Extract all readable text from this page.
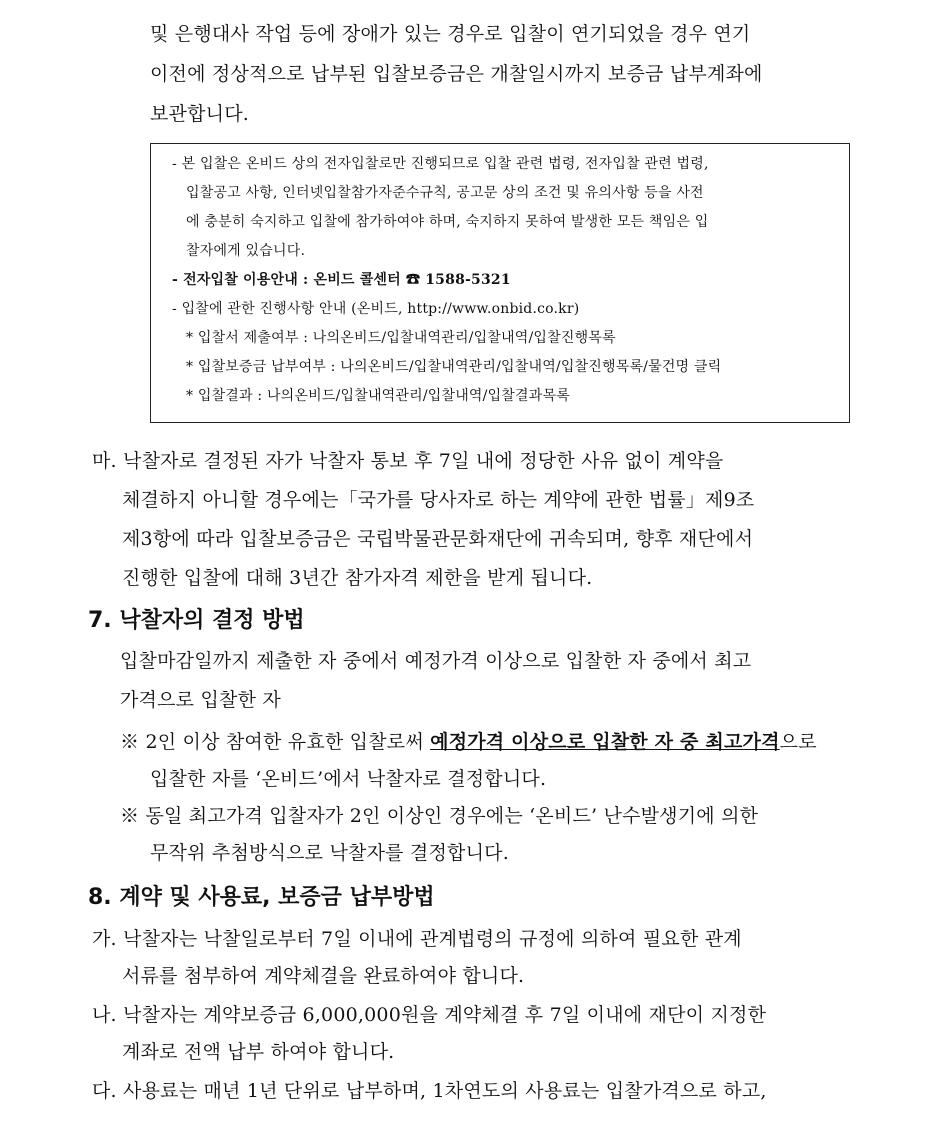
및 은행대사 작업 등에 장애가 있는 경우로 입찰이 연기되었을 경우 연기
이전에 정상적으로 납부된 입찰보증금은 개찰일시까지 보증금 납부계좌에
보관합니다.
- 본 입찰은 온비드 상의 전자입찰로만 진행되므로 입찰 관련 법령, 전자입찰 관련 법령,
입찰공고 사항, 인터넷입찰참가자준수규칙, 공고문 상의 조건 및 유의사항 등을 사전
에 충분히 숙지하고 입찰에 참가하여야 하며, 숙지하지 못하여 발생한 모든 책임은 입
찰자에게 있습니다.
- 전자입찰 이용안내 : 온비드 콜센터 ☎ 1588-5321
- 입찰에 관한 진행사항 안내 (온비드, http://www.onbid.co.kr)
* 입찰서 제출여부 : 나의온비드/입찰내역관리/입찰내역/입찰진행목록
* 입찰보증금 납부여부 : 나의온비드/입찰내역관리/입찰내역/입찰진행목록/물건명 클릭
* 입찰결과 : 나의온비드/입찰내역관리/입찰내역/입찰결과목록
마. 낙찰자로 결정된 자가 낙찰자 통보 후 7일 내에 정당한 사유 없이 계약을
체결하지 아니할 경우에는「국가를 당사자로 하는 계약에 관한 법률」제9조
제3항에 따라 입찰보증금은 국립박물관문화재단에 귀속되며, 향후 재단에서
진행한 입찰에 대해 3년간 참가자격 제한을 받게 됩니다.
7. 낙찰자의 결정 방법
입찰마감일까지 제출한 자 중에서 예정가격 이상으로 입찰한 자 중에서 최고
가격으로 입찰한 자
※ 2인 이상 참여한 유효한 입찰로써 예정가격 이상으로 입찰한 자 중 최고가격으로
입찰한 자를 ‘온비드’에서 낙찰자로 결정합니다.
※ 동일 최고가격 입찰자가 2인 이상인 경우에는 ‘온비드’ 난수발생기에 의한
무작위 추첨방식으로 낙찰자를 결정합니다.
8. 계약 및 사용료, 보증금 납부방법
가. 낙찰자는 낙찰일로부터 7일 이내에 관계법령의 규정에 의하여 필요한 관계
서류를 첨부하여 계약체결을 완료하여야 합니다.
나. 낙찰자는 계약보증금 6,000,000원을 계약체결 후 7일 이내에 재단이 지정한
계좌로 전액 납부 하여야 합니다.
다. 사용료는 매년 1년 단위로 납부하며, 1차연도의 사용료는 입찰가격으로 하고,
